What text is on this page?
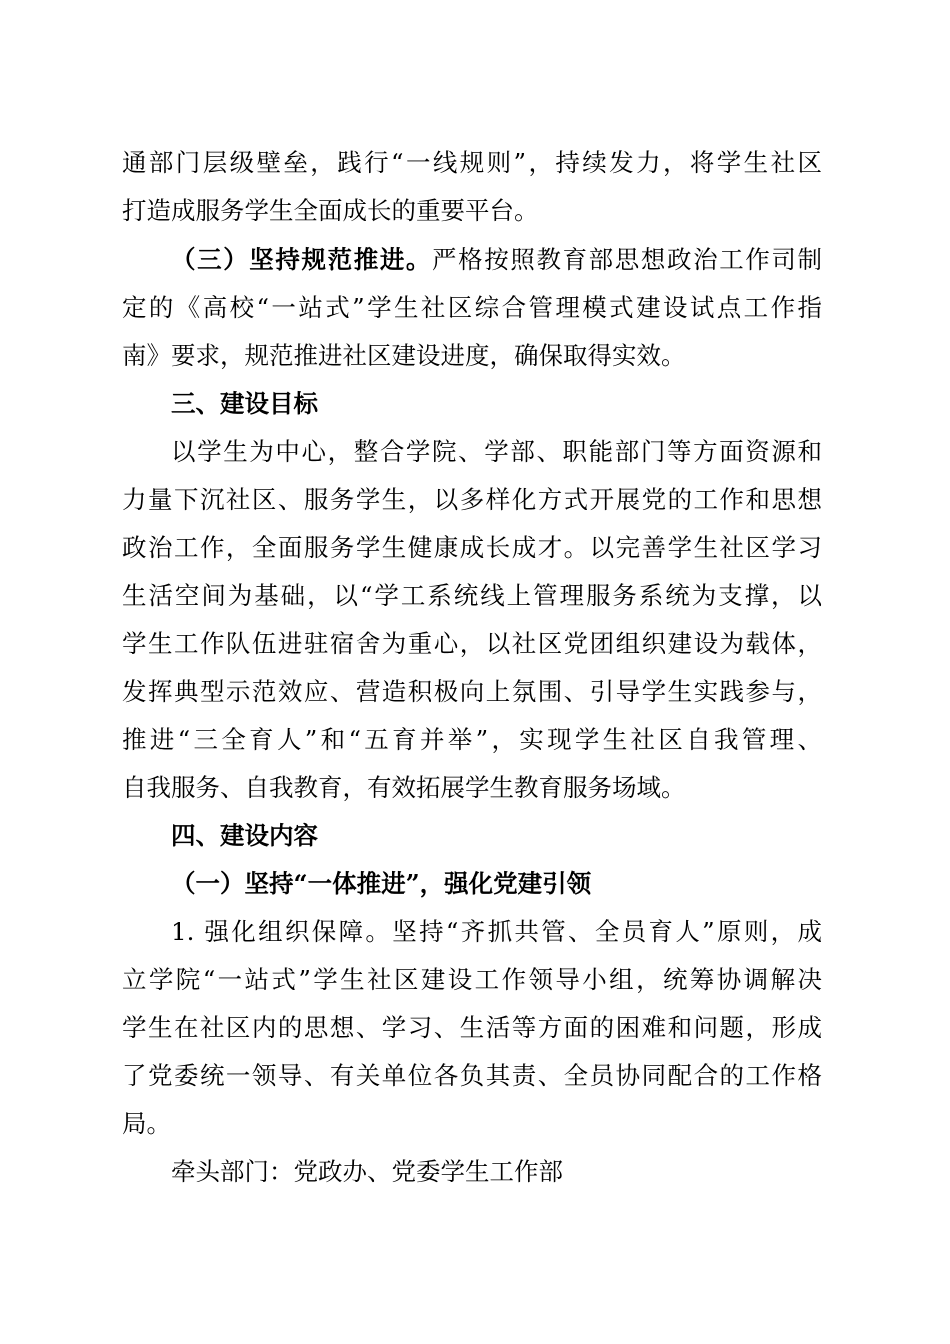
通部门层级壁垒，践行“一线规则”，持续发力，将学生社区
打造成服务学生全面成长的重要平台。
（三）坚持规范推进。严格按照教育部思想政治工作司制
定的《高校“一站式”学生社区综合管理模式建设试点工作指
南》要求，规范推进社区建设进度，确保取得实效。
三、建设目标
以学生为中心，整合学院、学部、职能部门等方面资源和
力量下沉社区、服务学生，以多样化方式开展党的工作和思想
政治工作，全面服务学生健康成长成才。以完善学生社区学习
生活空间为基础，以“学工系统线上管理服务系统为支撑，以
学生工作队伍进驻宿舍为重心，以社区党团组织建设为载体，
发挥典型示范效应、营造积极向上氛围、引导学生实践参与，
推进“三全育人”和“五育并举”，实现学生社区自我管理、
自我服务、自我教育，有效拓展学生教育服务场域。
四、建设内容
（一）坚持“一体推进”，强化党建引领
1. 强化组织保障。坚持“齐抓共管、全员育人”原则，成
立学院“一站式”学生社区建设工作领导小组，统筹协调解决
学生在社区内的思想、学习、生活等方面的困难和问题，形成
了党委统一领导、有关单位各负其责、全员协同配合的工作格
局。
牵头部门：党政办、党委学生工作部
